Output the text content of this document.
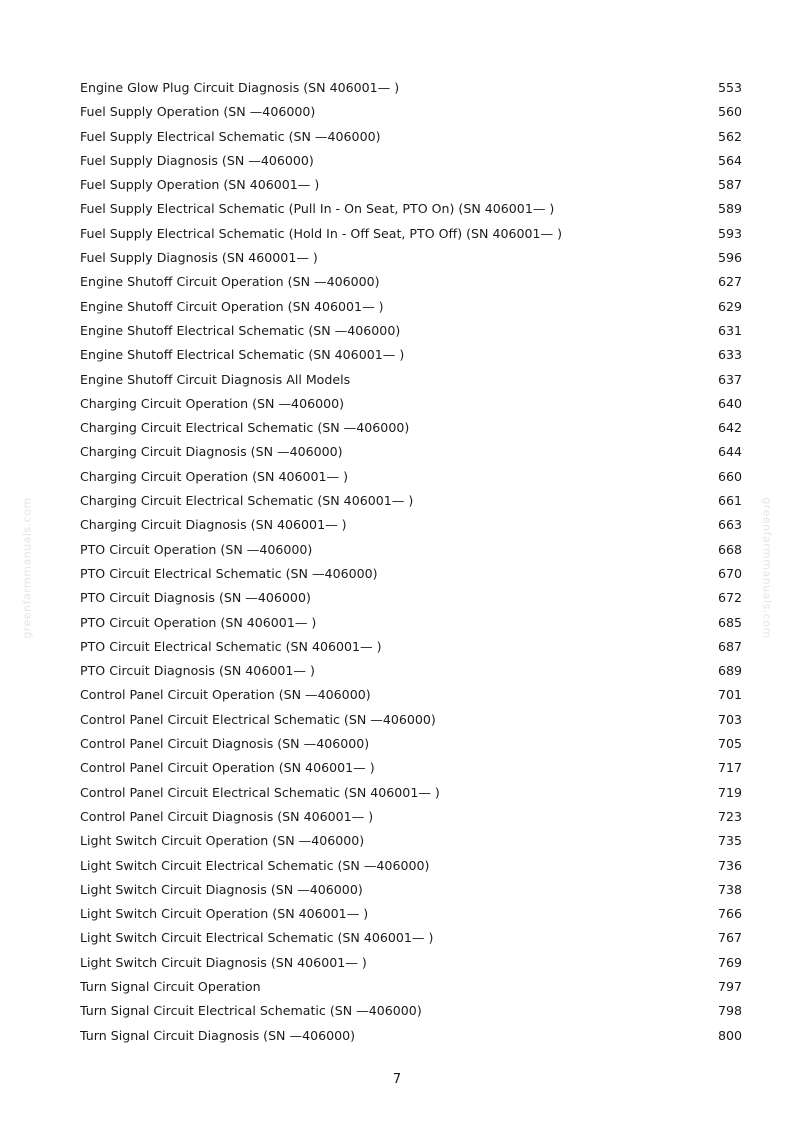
greenfarmmanuals.com	greenfarmmanuals.com
Engine Glow Plug Circuit Diagnosis (SN 406001— )	553
Fuel Supply Operation (SN —406000)	560
Fuel Supply Electrical Schematic (SN —406000)	562
Fuel Supply Diagnosis (SN —406000)	564
Fuel Supply Operation (SN 406001— )	587
Fuel Supply Electrical Schematic (Pull In - On Seat, PTO On) (SN 406001— )	589
Fuel Supply Electrical Schematic (Hold In - Off Seat, PTO Off) (SN 406001— )	593
Fuel Supply Diagnosis (SN 460001— )	596
Engine Shutoff Circuit Operation (SN —406000)	627
Engine Shutoff Circuit Operation (SN 406001— )	629
Engine Shutoff Electrical Schematic (SN —406000)	631
Engine Shutoff Electrical Schematic (SN 406001— )	633
Engine Shutoff Circuit Diagnosis All Models	637
Charging Circuit Operation (SN —406000)	640
Charging Circuit Electrical Schematic (SN —406000)	642
Charging Circuit Diagnosis (SN —406000)	644
Charging Circuit Operation (SN 406001— )	660
Charging Circuit Electrical Schematic (SN 406001— )	661
Charging Circuit Diagnosis (SN 406001— )	663
PTO Circuit Operation (SN —406000)	668
PTO Circuit Electrical Schematic (SN —406000)	670
PTO Circuit Diagnosis (SN —406000)	672
PTO Circuit Operation (SN 406001— )	685
PTO Circuit Electrical Schematic (SN 406001— )	687
PTO Circuit Diagnosis (SN 406001— )	689
Control Panel Circuit Operation (SN —406000)	701
Control Panel Circuit Electrical Schematic (SN —406000)	703
Control Panel Circuit Diagnosis (SN —406000)	705
Control Panel Circuit Operation (SN 406001— )	717
Control Panel Circuit Electrical Schematic (SN 406001— )	719
Control Panel Circuit Diagnosis (SN 406001— )	723
Light Switch Circuit Operation (SN —406000)	735
Light Switch Circuit Electrical Schematic (SN —406000)	736
Light Switch Circuit Diagnosis (SN —406000)	738
Light Switch Circuit Operation (SN 406001— )	766
Light Switch Circuit Electrical Schematic (SN 406001— )	767
Light Switch Circuit Diagnosis (SN 406001— )	769
Turn Signal Circuit Operation	797
Turn Signal Circuit Electrical Schematic (SN —406000)	798
Turn Signal Circuit Diagnosis (SN —406000)	800
7
